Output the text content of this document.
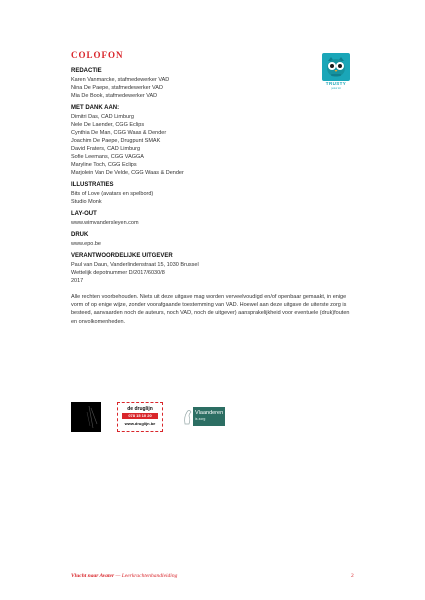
COLOFON
TRUSTY
junior kit
REDACTIE
Karen Vanmarcke, stafmedewerker VAD
Nina De Paepe, stafmedewerker VAD
Mia De Book, stafmedewerker VAD
MET DANK AAN:
Dimitri Das, CAD Limburg
Nele De Laender, CGG Eclips
Cynthia De Man, CGG Waas & Dender
Joachim De Paepe, Drugpunt SMAK
David Fraters, CAD Limburg
Sofie Leemans, CGG VAGGA
Maryline Toch, CGG Eclips
Marjolein Van De Velde, CGG Waas & Dender
ILLUSTRATIES
Bits of Love (avatars en spelbord)
Studio Monk
LAY-OUT
www.wimvandersleyen.com
DRUK
www.epo.be
VERANTWOORDELIJKE UITGEVER
Paul van Daun, Vanderlindenstraat 15, 1030 Brussel
Wettelijk depotnummer D/2017/6030/8
2017
Alle rechten voorbehouden. Niets uit deze uitgave mag worden verveelvoudigd en/of openbaar gemaakt, in enige vorm of op enige wijze, zonder voorafgaande toestemming van VAD. Hoewel aan deze uitgave de uiterste zorg is besteed, aanvaarden noch de auteurs, noch VAD, noch de uitgever) aansprakelijkheid voor eventuele (druk)fouten en onvolkomenheden.
de druglijn
078 15 10 20
www.druglijn.be
Vlaanderen
is zorg
Vlucht naar Avater — Leerkrachtenhandleiding	2
